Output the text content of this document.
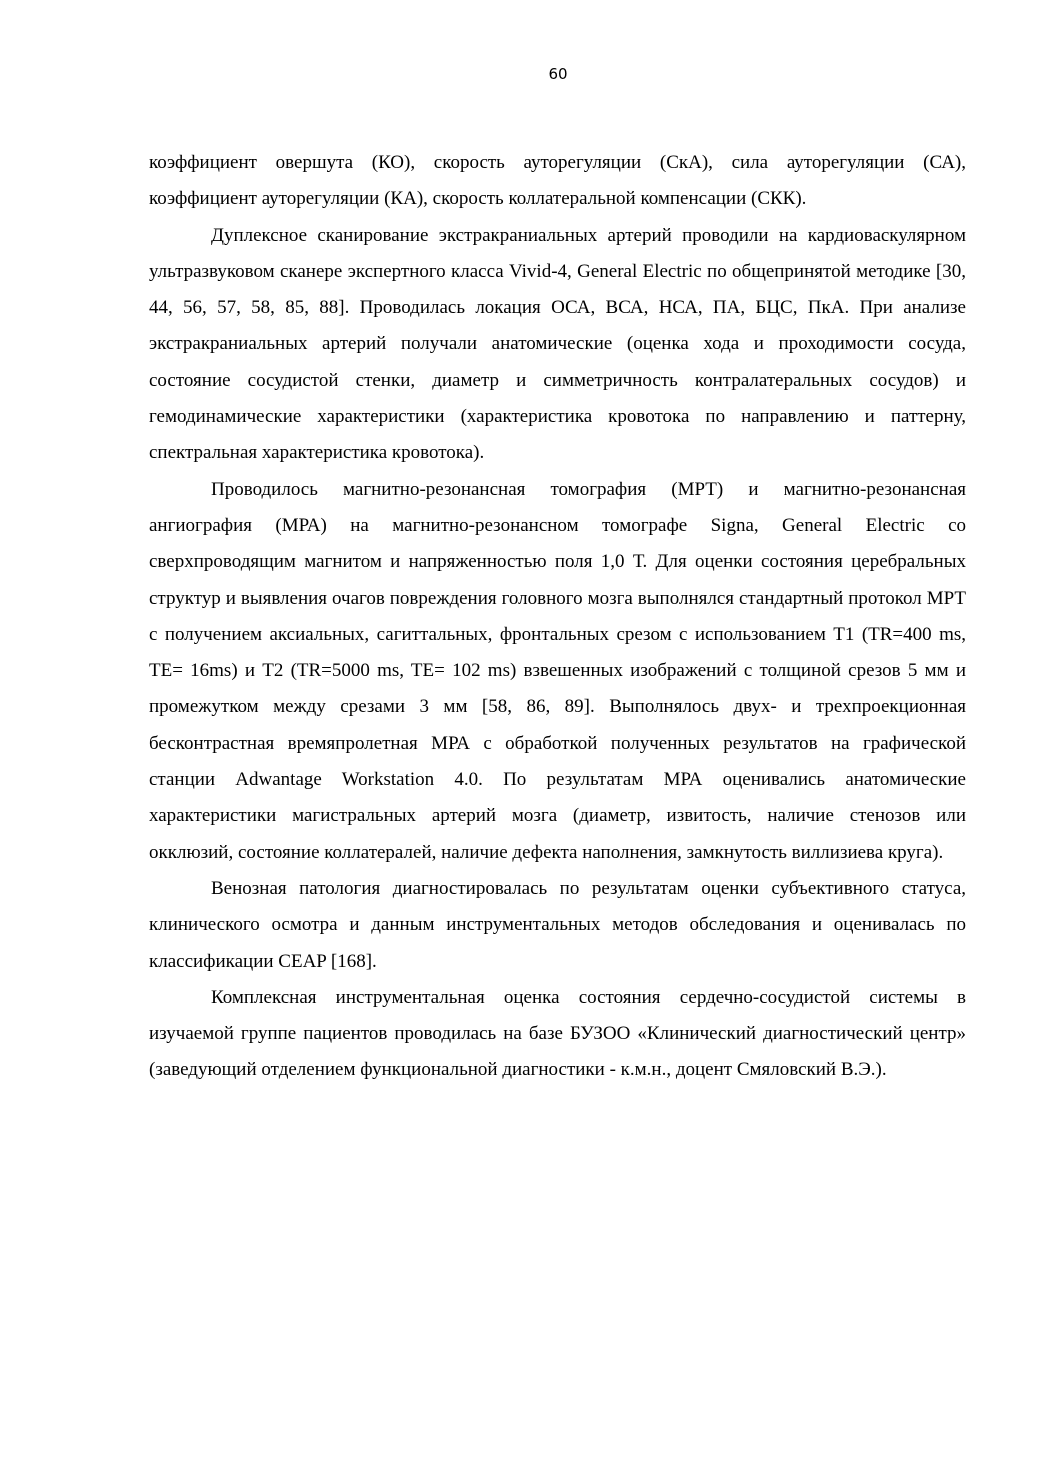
60

коэффициент овершута (КО), скорость ауторегуляции (СкА), сила ауторегуляции (СА), коэффициент ауторегуляции (КА), скорость коллатеральной компенсации (СКК).

Дуплексное сканирование экстракраниальных артерий проводили на кардиоваскулярном ультразвуковом сканере экспертного класса Vivid-4, General Electric по общепринятой методике [30, 44, 56, 57, 58, 85, 88]. Проводилась локация ОСА, ВСА, НСА, ПА, БЦС, ПкА. При анализе экстракраниальных артерий получали анатомические (оценка хода и проходимости сосуда, состояние сосудистой стенки, диаметр и симметричность контралатеральных сосудов) и гемодинамические характеристики (характеристика кровотока по направлению и паттерну, спектральная характеристика кровотока).

Проводилось магнитно-резонансная томография (МРТ) и магнитно-резонансная ангиография (МРА) на магнитно-резонансном томографе Signa, General Electric со сверхпроводящим магнитом и напряженностью поля 1,0 Т. Для оценки состояния церебральных структур и выявления очагов повреждения головного мозга выполнялся стандартный протокол МРТ с получением аксиальных, сагиттальных, фронтальных срезом с использованием Т1 (TR=400 ms, TE= 16ms) и Т2 (TR=5000 ms, TE= 102 ms) взвешенных изображений с толщиной срезов 5 мм и промежутком между срезами 3 мм [58, 86, 89]. Выполнялось двух- и трехпроекционная бесконтрастная времяпролетная МРА с обработкой полученных результатов на графической станции Adwantage Workstation 4.0. По результатам МРА оценивались анатомические характеристики магистральных артерий мозга (диаметр, извитость, наличие стенозов или окклюзий, состояние коллатералей, наличие дефекта наполнения, замкнутость виллизиева круга).

Венозная патология диагностировалась по результатам оценки субъективного статуса, клинического осмотра и данным инструментальных методов обследования и оценивалась по классификации CEAP [168].

Комплексная инструментальная оценка состояния сердечно-сосудистой системы в изучаемой группе пациентов проводилась на базе БУЗОО «Клинический диагностический центр» (заведующий отделением функциональной диагностики - к.м.н., доцент Смяловский В.Э.).
